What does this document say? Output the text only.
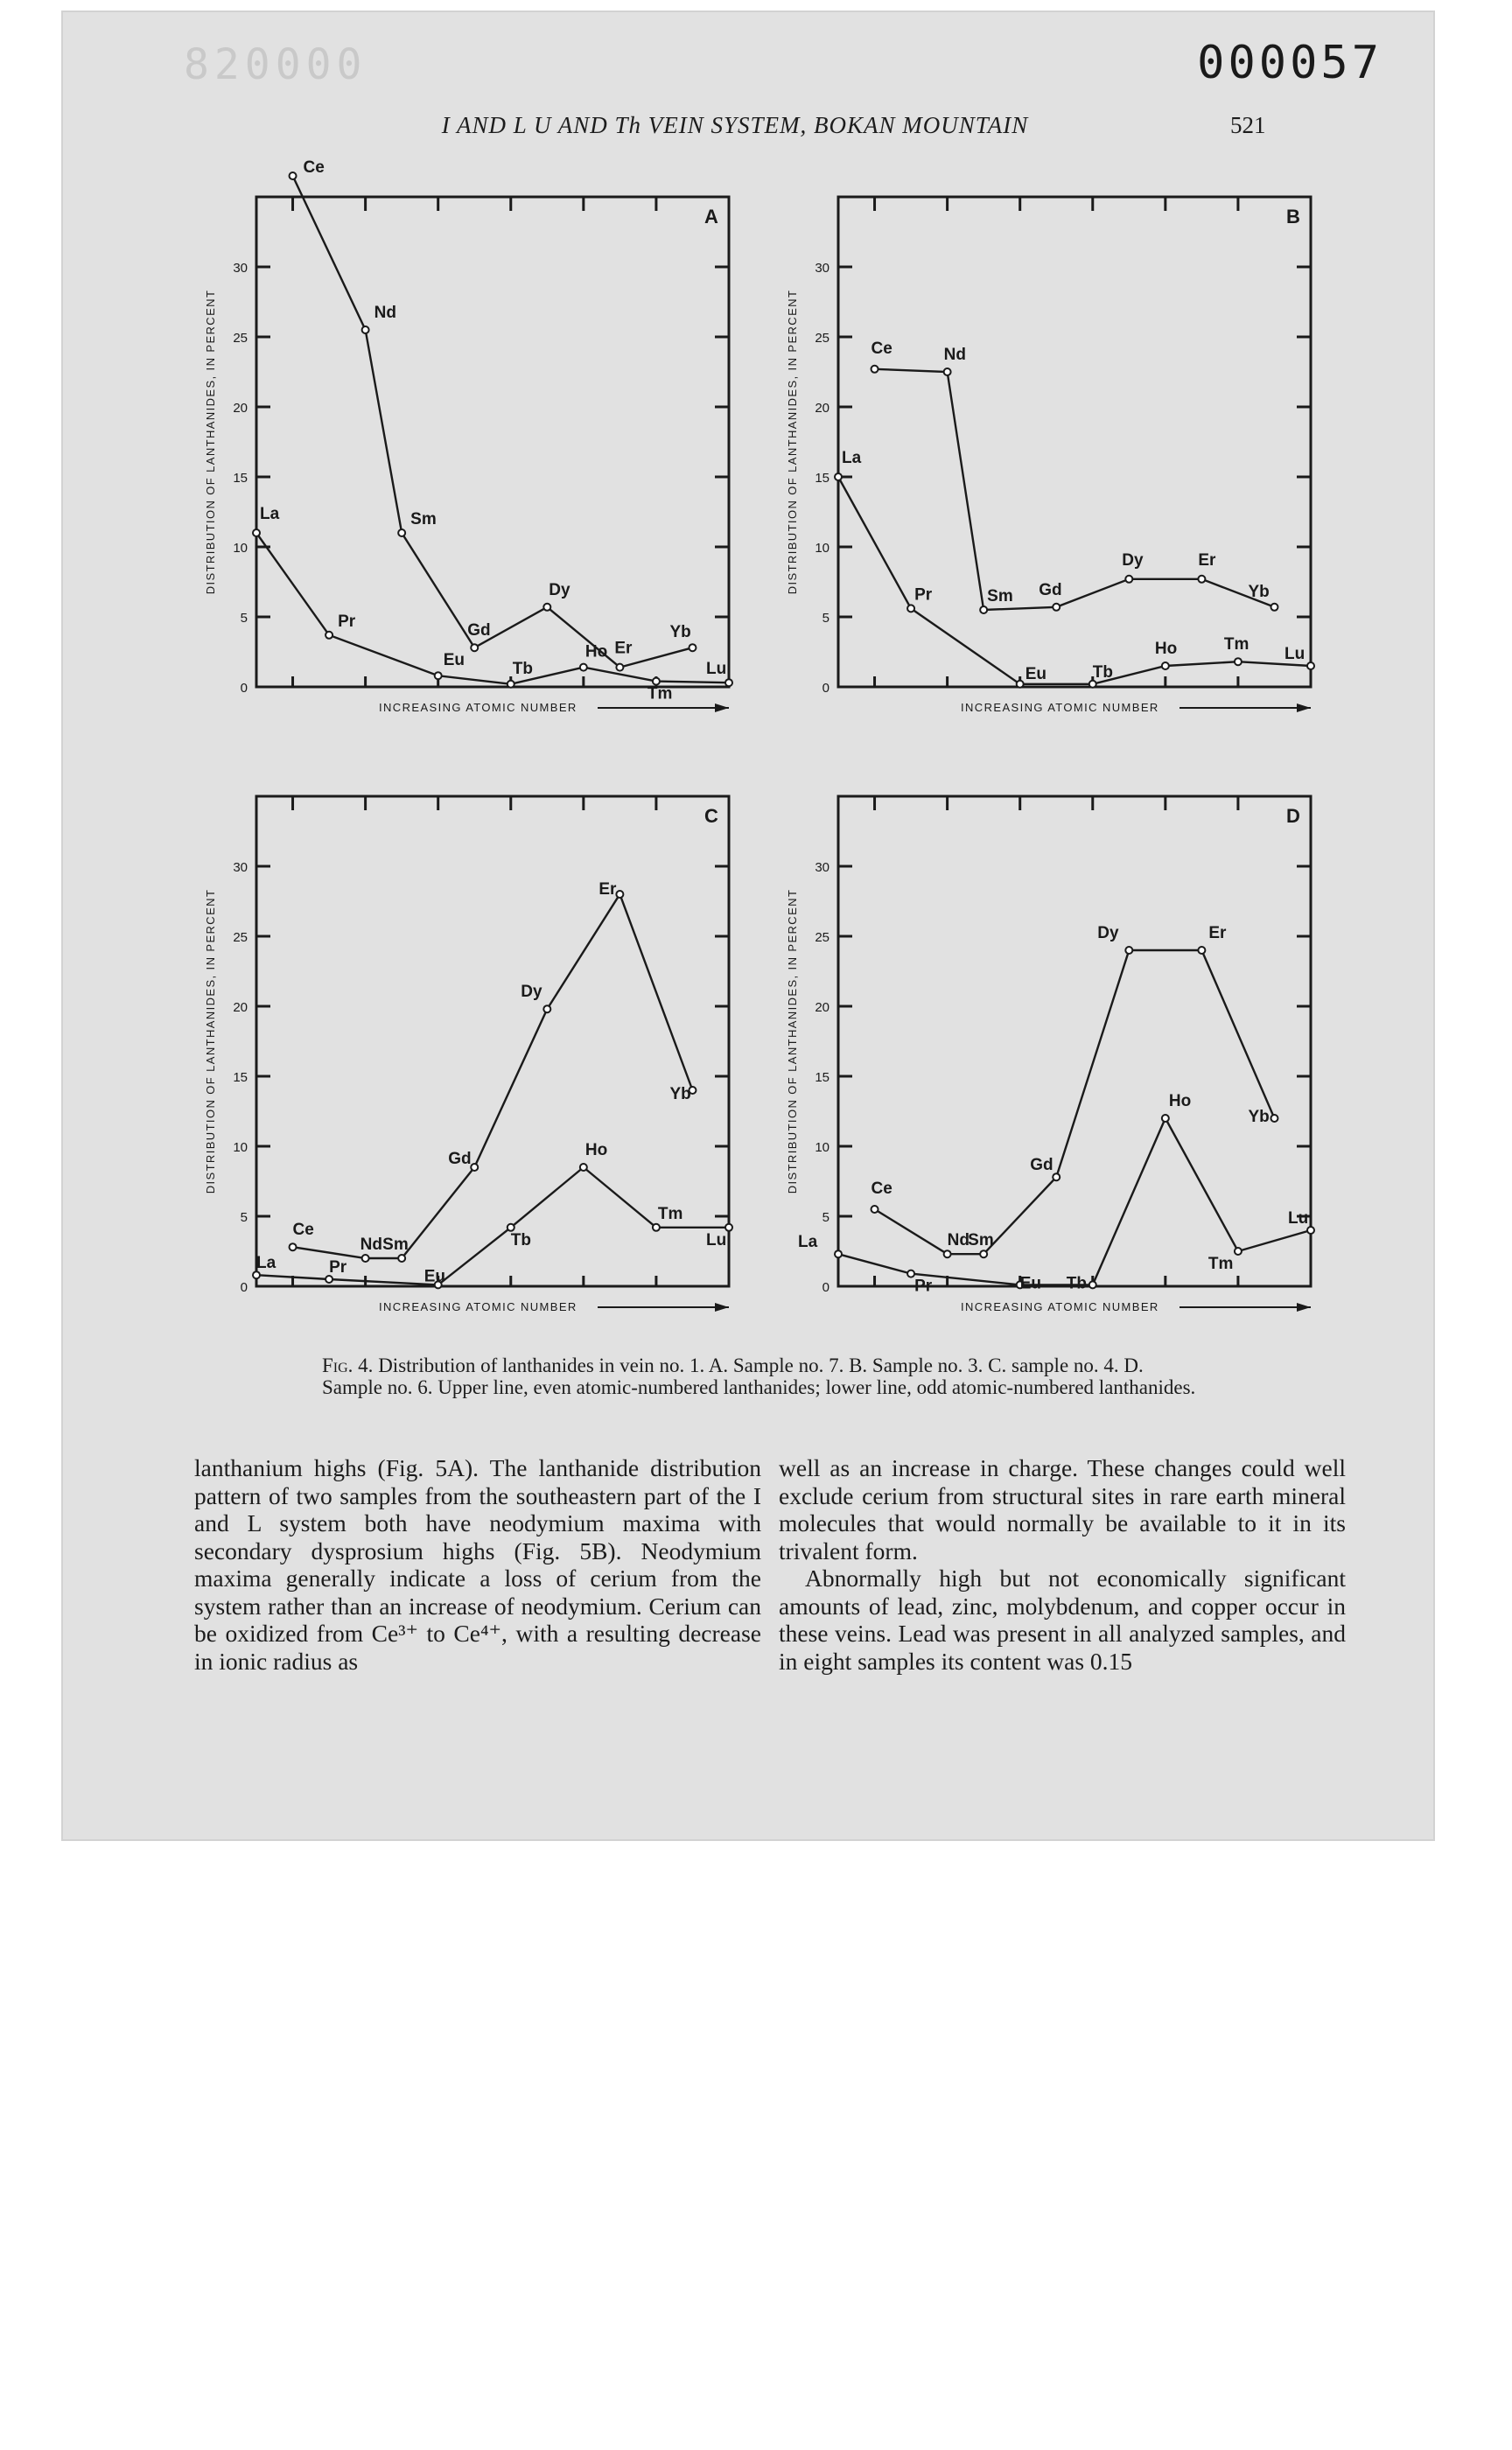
820000	000057
I AND L U AND Th VEIN SYSTEM, BOKAN MOUNTAIN	521
0
5
10
15
20
25
30
A
DISTRIBUTION OF LANTHANIDES, IN PERCENT
INCREASING ATOMIC NUMBER
Ce
La
Nd
Pr
Sm
Eu
Gd
Tb
Dy
Ho Er
Tm
Yb
Lu
0
5
10
15
20
25
30
B
DISTRIBUTION OF LANTHANIDES, IN PERCENT
INCREASING ATOMIC NUMBER
Ce	Nd
La
Pr	Sm Gd
Dy	Er
Yb
Eu	Tb
Ho	Tm
Lu
0
5
10
15
20
25
30
C
DISTRIBUTION OF LANTHANIDES, IN PERCENT
INCREASING ATOMIC NUMBER
Er
Dy
Yb
Gd	Ho
Tm
Lu
Ce
Nd Sm	Tb
La	Pr	Eu
0
5
10
15
20
25
30
D
DISTRIBUTION OF LANTHANIDES, IN PERCENT
INCREASING ATOMIC NUMBER
Dy	Er
Ho
Yb
Gd
Ce
La	Nd
Sm
Pr	Eu Tb
Tm
Lu
Fig. 4. Distribution of lanthanides in vein no. 1. A. Sample no. 7. B. Sample no. 3. C. sample no. 4. D. Sample no. 6. Upper line, even atomic-numbered lanthanides; lower line, odd atomic-numbered lanthanides.

lanthanium highs (Fig. 5A). The lanthanide distribution pattern of two samples from the southeastern part of the I and L system both have neodymium maxima with secondary dysprosium highs (Fig. 5B). Neodymium maxima generally indicate a loss of cerium from the system rather than an increase of neodymium. Cerium can be oxidized from Ce³⁺ to Ce⁴⁺, with a resulting decrease in ionic radius as

well as an increase in charge. These changes could well exclude cerium from structural sites in rare earth mineral molecules that would normally be available to it in its trivalent form.

Abnormally high but not economically significant amounts of lead, zinc, molybdenum, and copper occur in these veins. Lead was present in all analyzed samples, and in eight samples its content was 0.15
